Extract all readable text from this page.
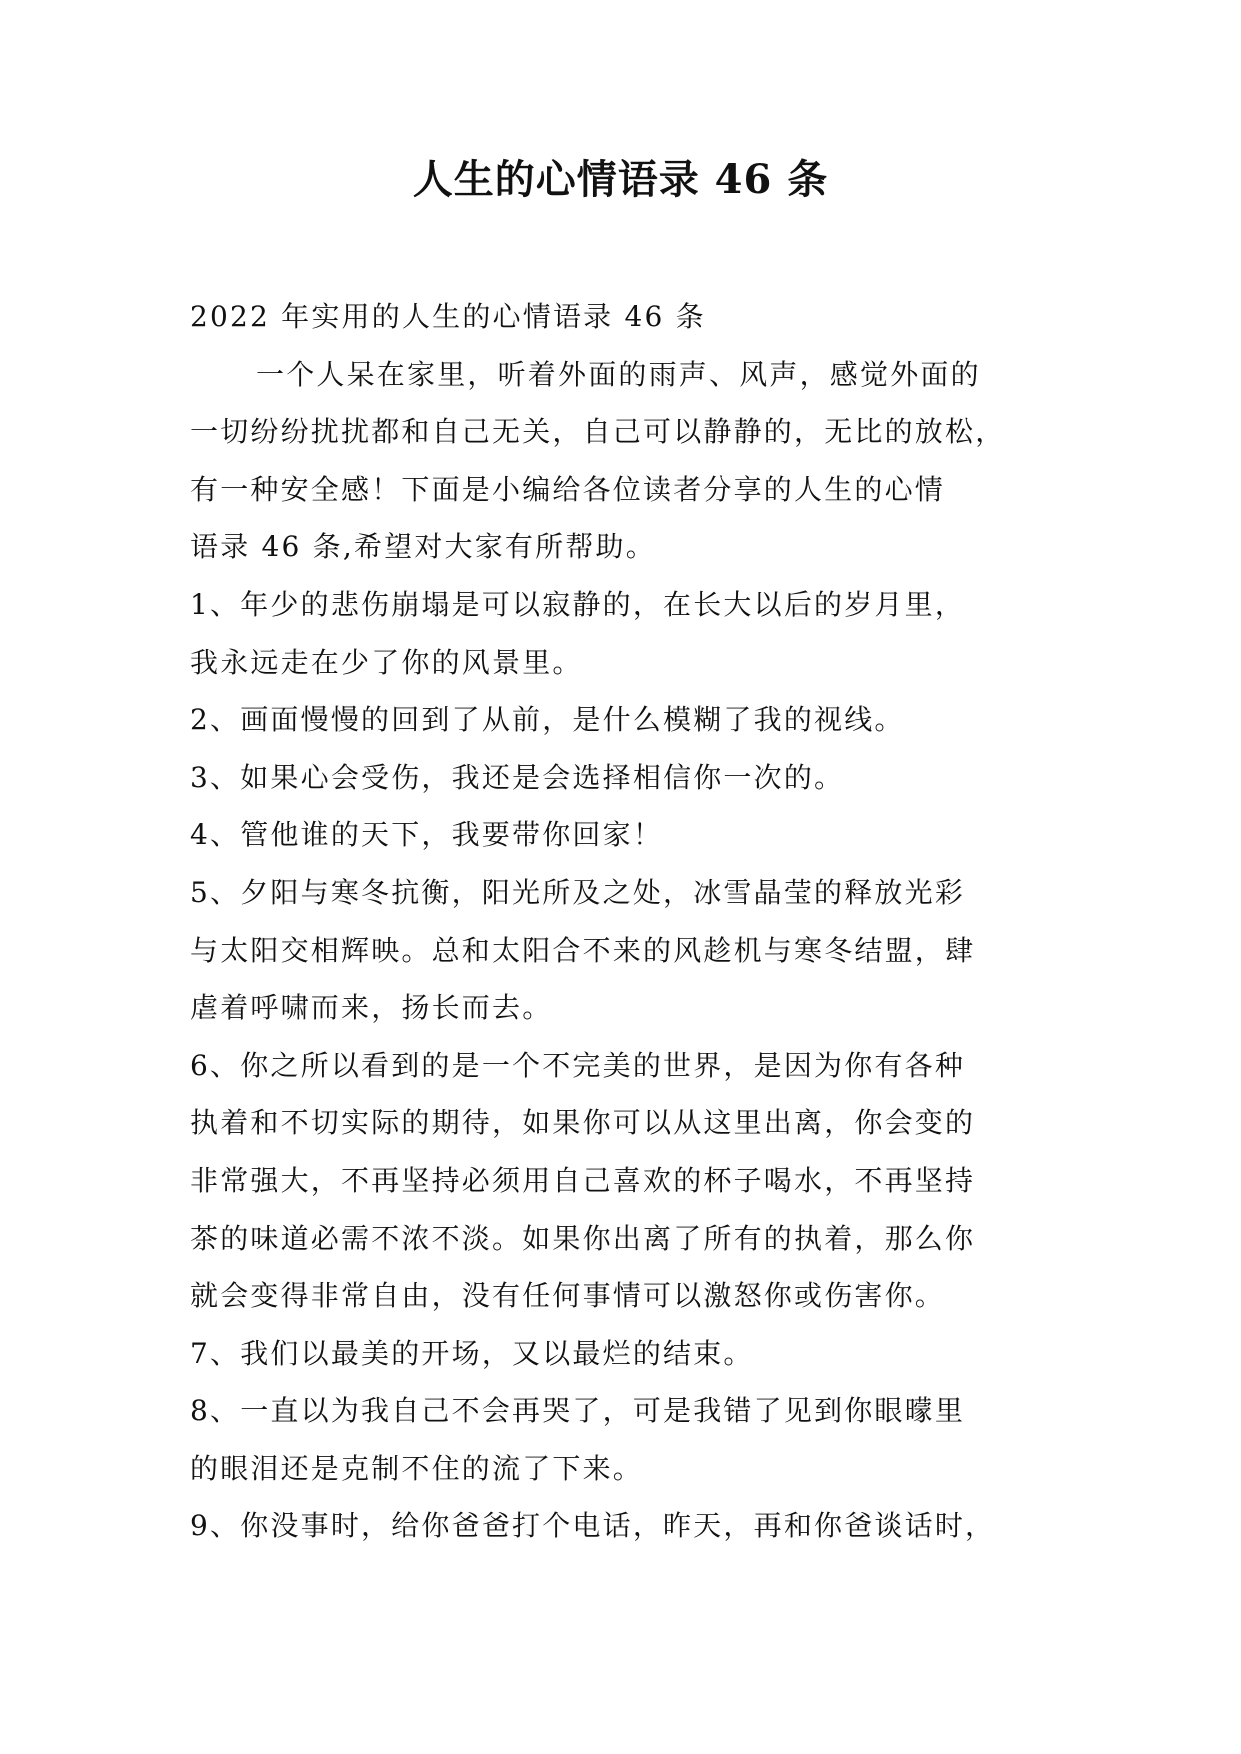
人生的心情语录 46 条
2022 年实用的人生的心情语录 46 条
一个人呆在家里，听着外面的雨声、风声，感觉外面的
一切纷纷扰扰都和自己无关，自己可以静静的，无比的放松，
有一种安全感！下面是小编给各位读者分享的人生的心情
语录 46 条,希望对大家有所帮助。
1、年少的悲伤崩塌是可以寂静的，在长大以后的岁月里，
我永远走在少了你的风景里。
2、画面慢慢的回到了从前，是什么模糊了我的视线。
3、如果心会受伤，我还是会选择相信你一次的。
4、管他谁的天下，我要带你回家！
5、夕阳与寒冬抗衡，阳光所及之处，冰雪晶莹的释放光彩
与太阳交相辉映。总和太阳合不来的风趁机与寒冬结盟，肆
虐着呼啸而来，扬长而去。
6、你之所以看到的是一个不完美的世界，是因为你有各种
执着和不切实际的期待，如果你可以从这里出离，你会变的
非常强大，不再坚持必须用自己喜欢的杯子喝水，不再坚持
茶的味道必需不浓不淡。如果你出离了所有的执着，那么你
就会变得非常自由，没有任何事情可以激怒你或伤害你。
7、我们以最美的开场，又以最烂的结束。
8、一直以为我自己不会再哭了，可是我错了见到你眼曚里
的眼泪还是克制不住的流了下来。
9、你没事时，给你爸爸打个电话，昨天，再和你爸谈话时，
